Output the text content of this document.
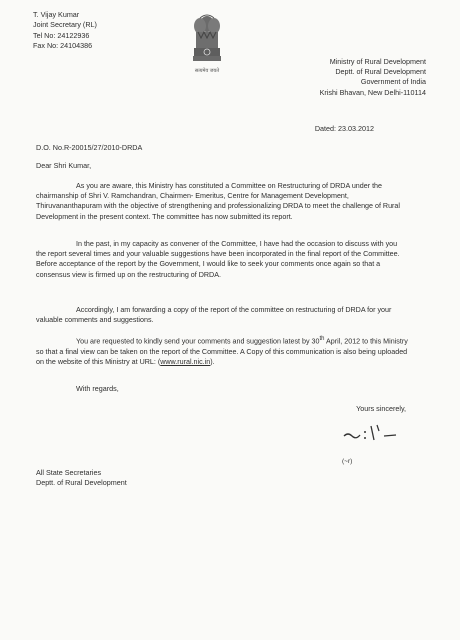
T. Vijay Kumar
Joint Secretary (RL)
Tel No: 24122936
Fax No: 24104386
सत्यमेव जयते
Ministry of Rural Development
Deptt. of Rural Development
Government of India
Krishi Bhavan, New Delhi-110114
Dated: 23.03.2012
D.O. No.R-20015/27/2010-DRDA
Dear Shri Kumar,
As you are aware, this Ministry has constituted a Committee on Restructuring of DRDA under the chairmanship of Shri V. Ramchandran, Chairmen- Emeritus, Centre for Management Development, Thiruvananthapuram with the objective of strengthening and professionalizing DRDA to meet the challenge of Rural Development in the present context. The committee has now submitted its report.
In the past, in my capacity as convener of the Committee, I have had the occasion to discuss with you the report several times and your valuable suggestions have been incorporated in the final report of the Committee. Before acceptance of the report by the Government, I would like to seek your comments once again so that a consensus view is firmed up on the restructuring of DRDA.
Accordingly, I am forwarding a copy of the report of the committee on restructuring of DRDA for your valuable comments and suggestions.
You are requested to kindly send your comments and suggestion latest by 30th April, 2012 to this Ministry so that a final view can be taken on the report of the Committee. A Copy of this communication is also being uploaded on the website of this Ministry at URL: (www.rural.nic.in).
With regards,
Yours sincerely,
(~r)
All State Secretaries
Deptt. of Rural Development
